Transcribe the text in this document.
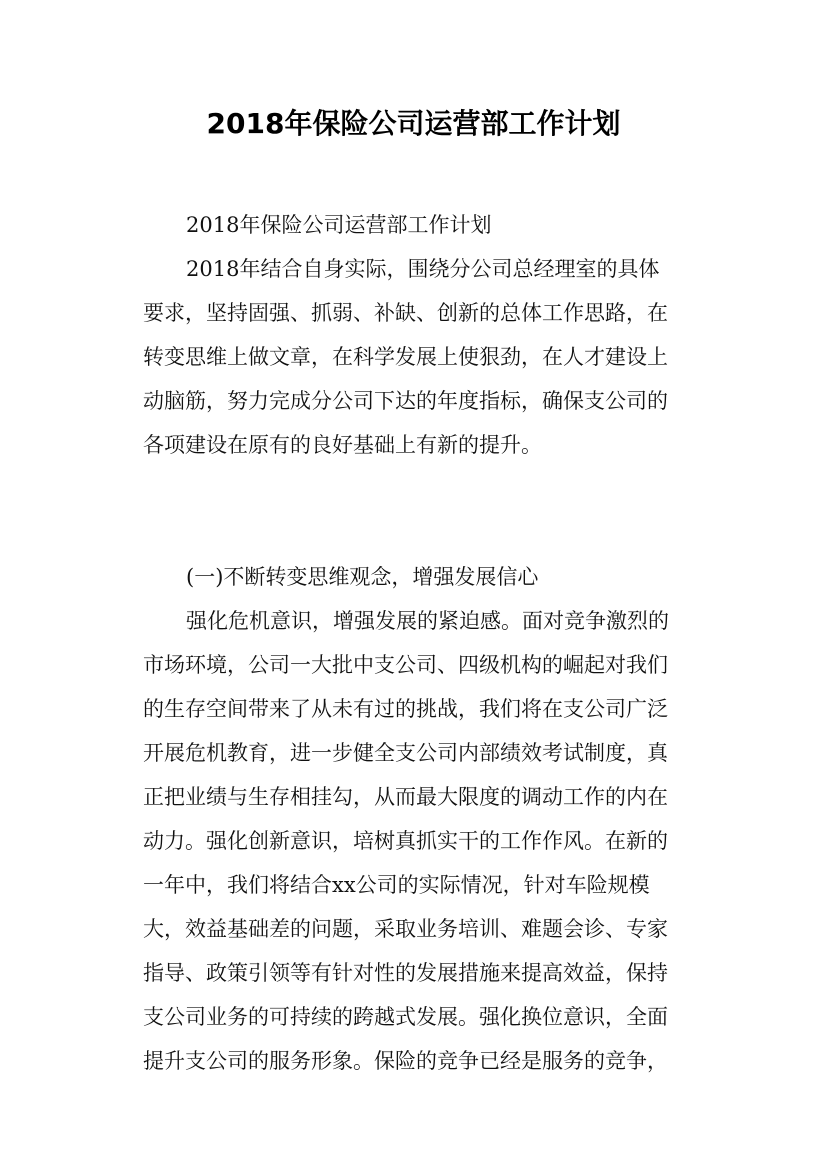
2018年保险公司运营部工作计划
2018年保险公司运营部工作计划
2018年结合自身实际，围绕分公司总经理室的具体
要求，坚持固强、抓弱、补缺、创新的总体工作思路，在
转变思维上做文章，在科学发展上使狠劲，在人才建设上
动脑筋，努力完成分公司下达的年度指标，确保支公司的
各项建设在原有的良好基础上有新的提升。
(一)不断转变思维观念，增强发展信心
强化危机意识，增强发展的紧迫感。面对竞争激烈的
市场环境，公司一大批中支公司、四级机构的崛起对我们
的生存空间带来了从未有过的挑战，我们将在支公司广泛
开展危机教育，进一步健全支公司内部绩效考试制度，真
正把业绩与生存相挂勾，从而最大限度的调动工作的内在
动力。强化创新意识，培树真抓实干的工作作风。在新的
一年中，我们将结合xx公司的实际情况，针对车险规模
大，效益基础差的问题，采取业务培训、难题会诊、专家
指导、政策引领等有针对性的发展措施来提高效益，保持
支公司业务的可持续的跨越式发展。强化换位意识，全面
提升支公司的服务形象。保险的竞争已经是服务的竞争，
